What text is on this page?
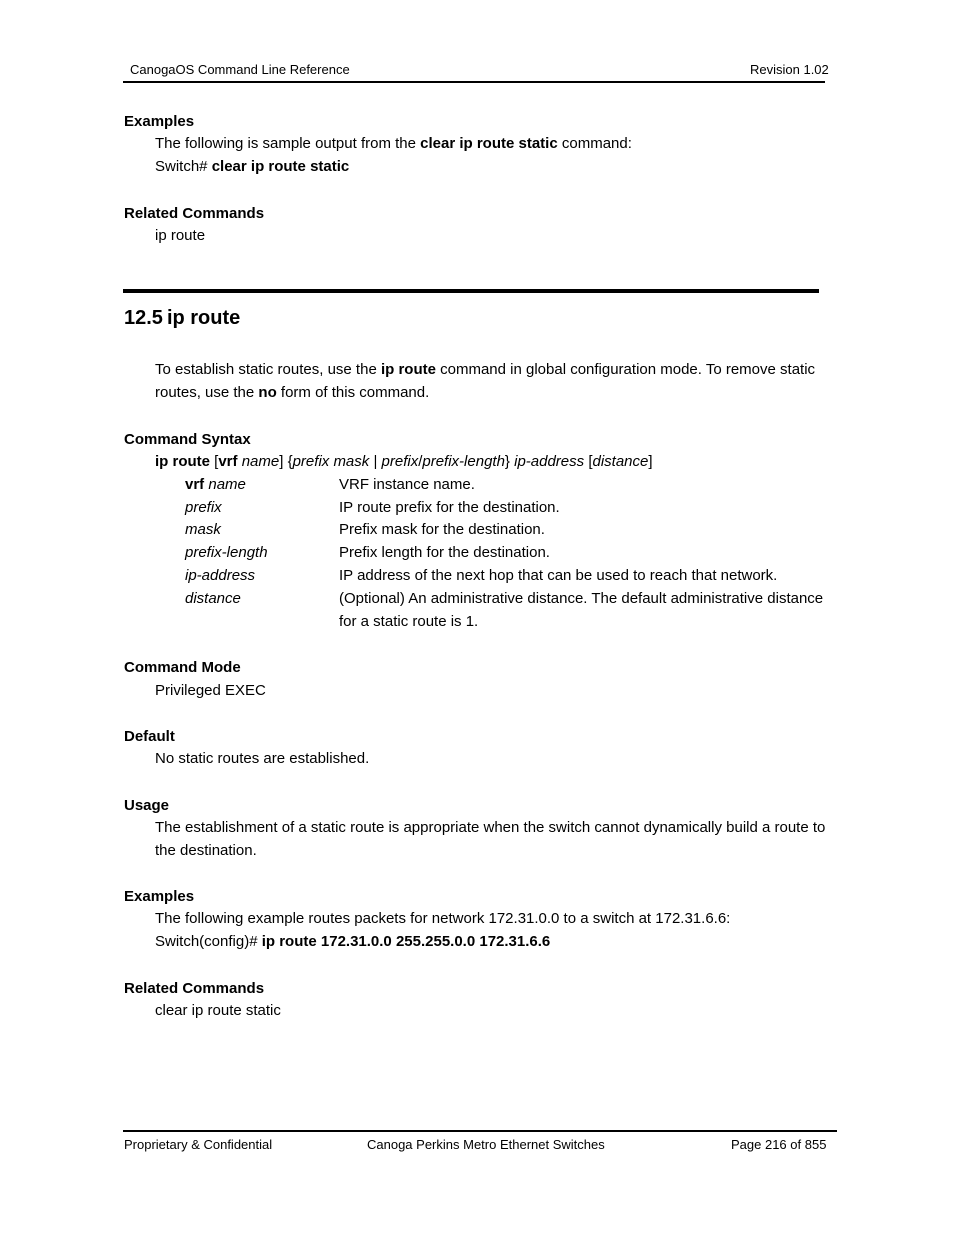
CanogaOS Command Line Reference	Revision 1.02
Examples
The following is sample output from the clear ip route static command:
Switch# clear ip route static
Related Commands
ip route
12.5 ip route
To establish static routes, use the ip route command in global configuration mode. To remove static
routes, use the no form of this command.
Command Syntax
ip route [vrf name] {prefix mask | prefix/prefix-length} ip-address [distance]
vrf name	VRF instance name.
prefix	IP route prefix for the destination.
mask	Prefix mask for the destination.
prefix-length	Prefix length for the destination.
ip-address	IP address of the next hop that can be used to reach that network.
distance	(Optional) An administrative distance. The default administrative distance
for a static route is 1.
Command Mode
Privileged EXEC
Default
No static routes are established.
Usage
The establishment of a static route is appropriate when the switch cannot dynamically build a route to
the destination.
Examples
The following example routes packets for network 172.31.0.0 to a switch at 172.31.6.6:
Switch(config)# ip route 172.31.0.0 255.255.0.0 172.31.6.6
Related Commands
clear ip route static
Proprietary & Confidential	Canoga Perkins Metro Ethernet Switches	Page 216 of 855
